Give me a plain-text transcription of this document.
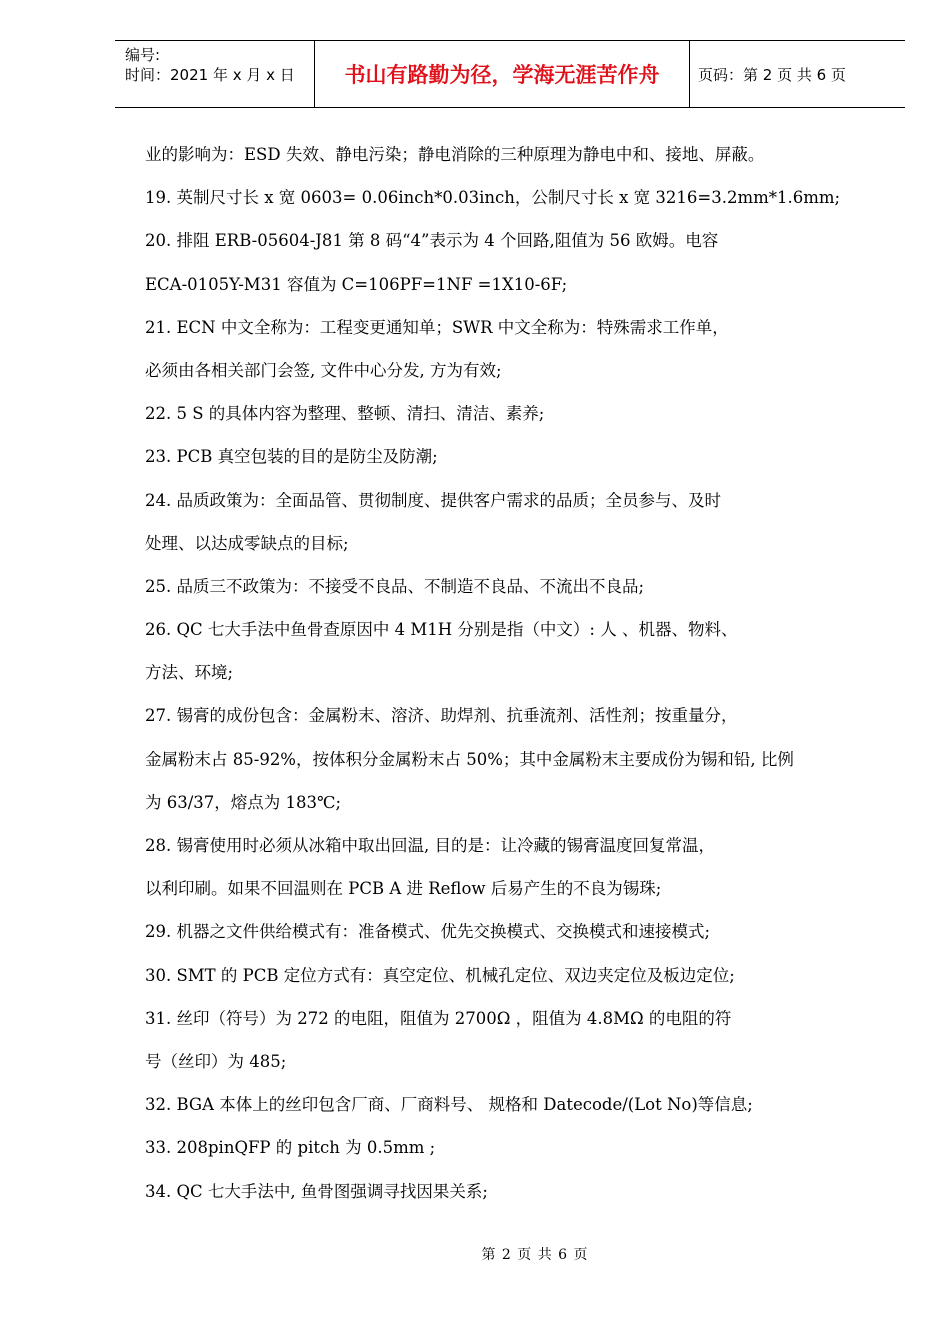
编号:
时间：2021 年 x 月 x 日	书山有路勤为径，学海无涯苦作舟	页码：第 2 页 共 6 页
业的影响为：ESD 失效、静电污染；静电消除的三种原理为静电中和、接地、屏蔽。
19. 英制尺寸长 x 宽 0603= 0.06inch*0.03inch，公制尺寸长 x 宽 3216=3.2mm*1.6mm;
20. 排阻 ERB-05604-J81 第 8 码“4”表示为 4 个回路,阻值为 56 欧姆。电容
ECA-0105Y-M31 容值为 C=106PF=1NF =1X10-6F;
21. ECN 中文全称为：工程变更通知单；SWR 中文全称为：特殊需求工作单，
必须由各相关部门会签, 文件中心分发, 方为有效;
22. 5 S 的具体内容为整理、整顿、清扫、清洁、素养;
23. PCB 真空包装的目的是防尘及防潮;
24. 品质政策为：全面品管、贯彻制度、提供客户需求的品质；全员参与、及时
处理、以达成零缺点的目标;
25. 品质三不政策为：不接受不良品、不制造不良品、不流出不良品;
26. QC 七大手法中鱼骨查原因中 4 M1H 分别是指（中文）: 人 、机器、物料、
方法、环境;
27. 锡膏的成份包含：金属粉末、溶济、助焊剂、抗垂流剂、活性剂；按重量分，
金属粉末占 85-92%，按体积分金属粉末占 50%；其中金属粉末主要成份为锡和铅, 比例
为 63/37，熔点为 183℃;
28. 锡膏使用时必须从冰箱中取出回温, 目的是：让冷藏的锡膏温度回复常温，
以利印刷。如果不回温则在 PCB A 进 Reflow 后易产生的不良为锡珠;
29. 机器之文件供给模式有：准备模式、优先交换模式、交换模式和速接模式;
30. SMT 的 PCB 定位方式有：真空定位、机械孔定位、双边夹定位及板边定位;
31. 丝印（符号）为 272 的电阻，阻值为 2700Ω ，阻值为 4.8MΩ 的电阻的符
号（丝印）为 485;
32. BGA 本体上的丝印包含厂商、厂商料号、 规格和 Datecode/(Lot No)等信息;
33. 208pinQFP 的 pitch 为 0.5mm ;
34. QC 七大手法中, 鱼骨图强调寻找因果关系;
第 2 页 共 6 页
